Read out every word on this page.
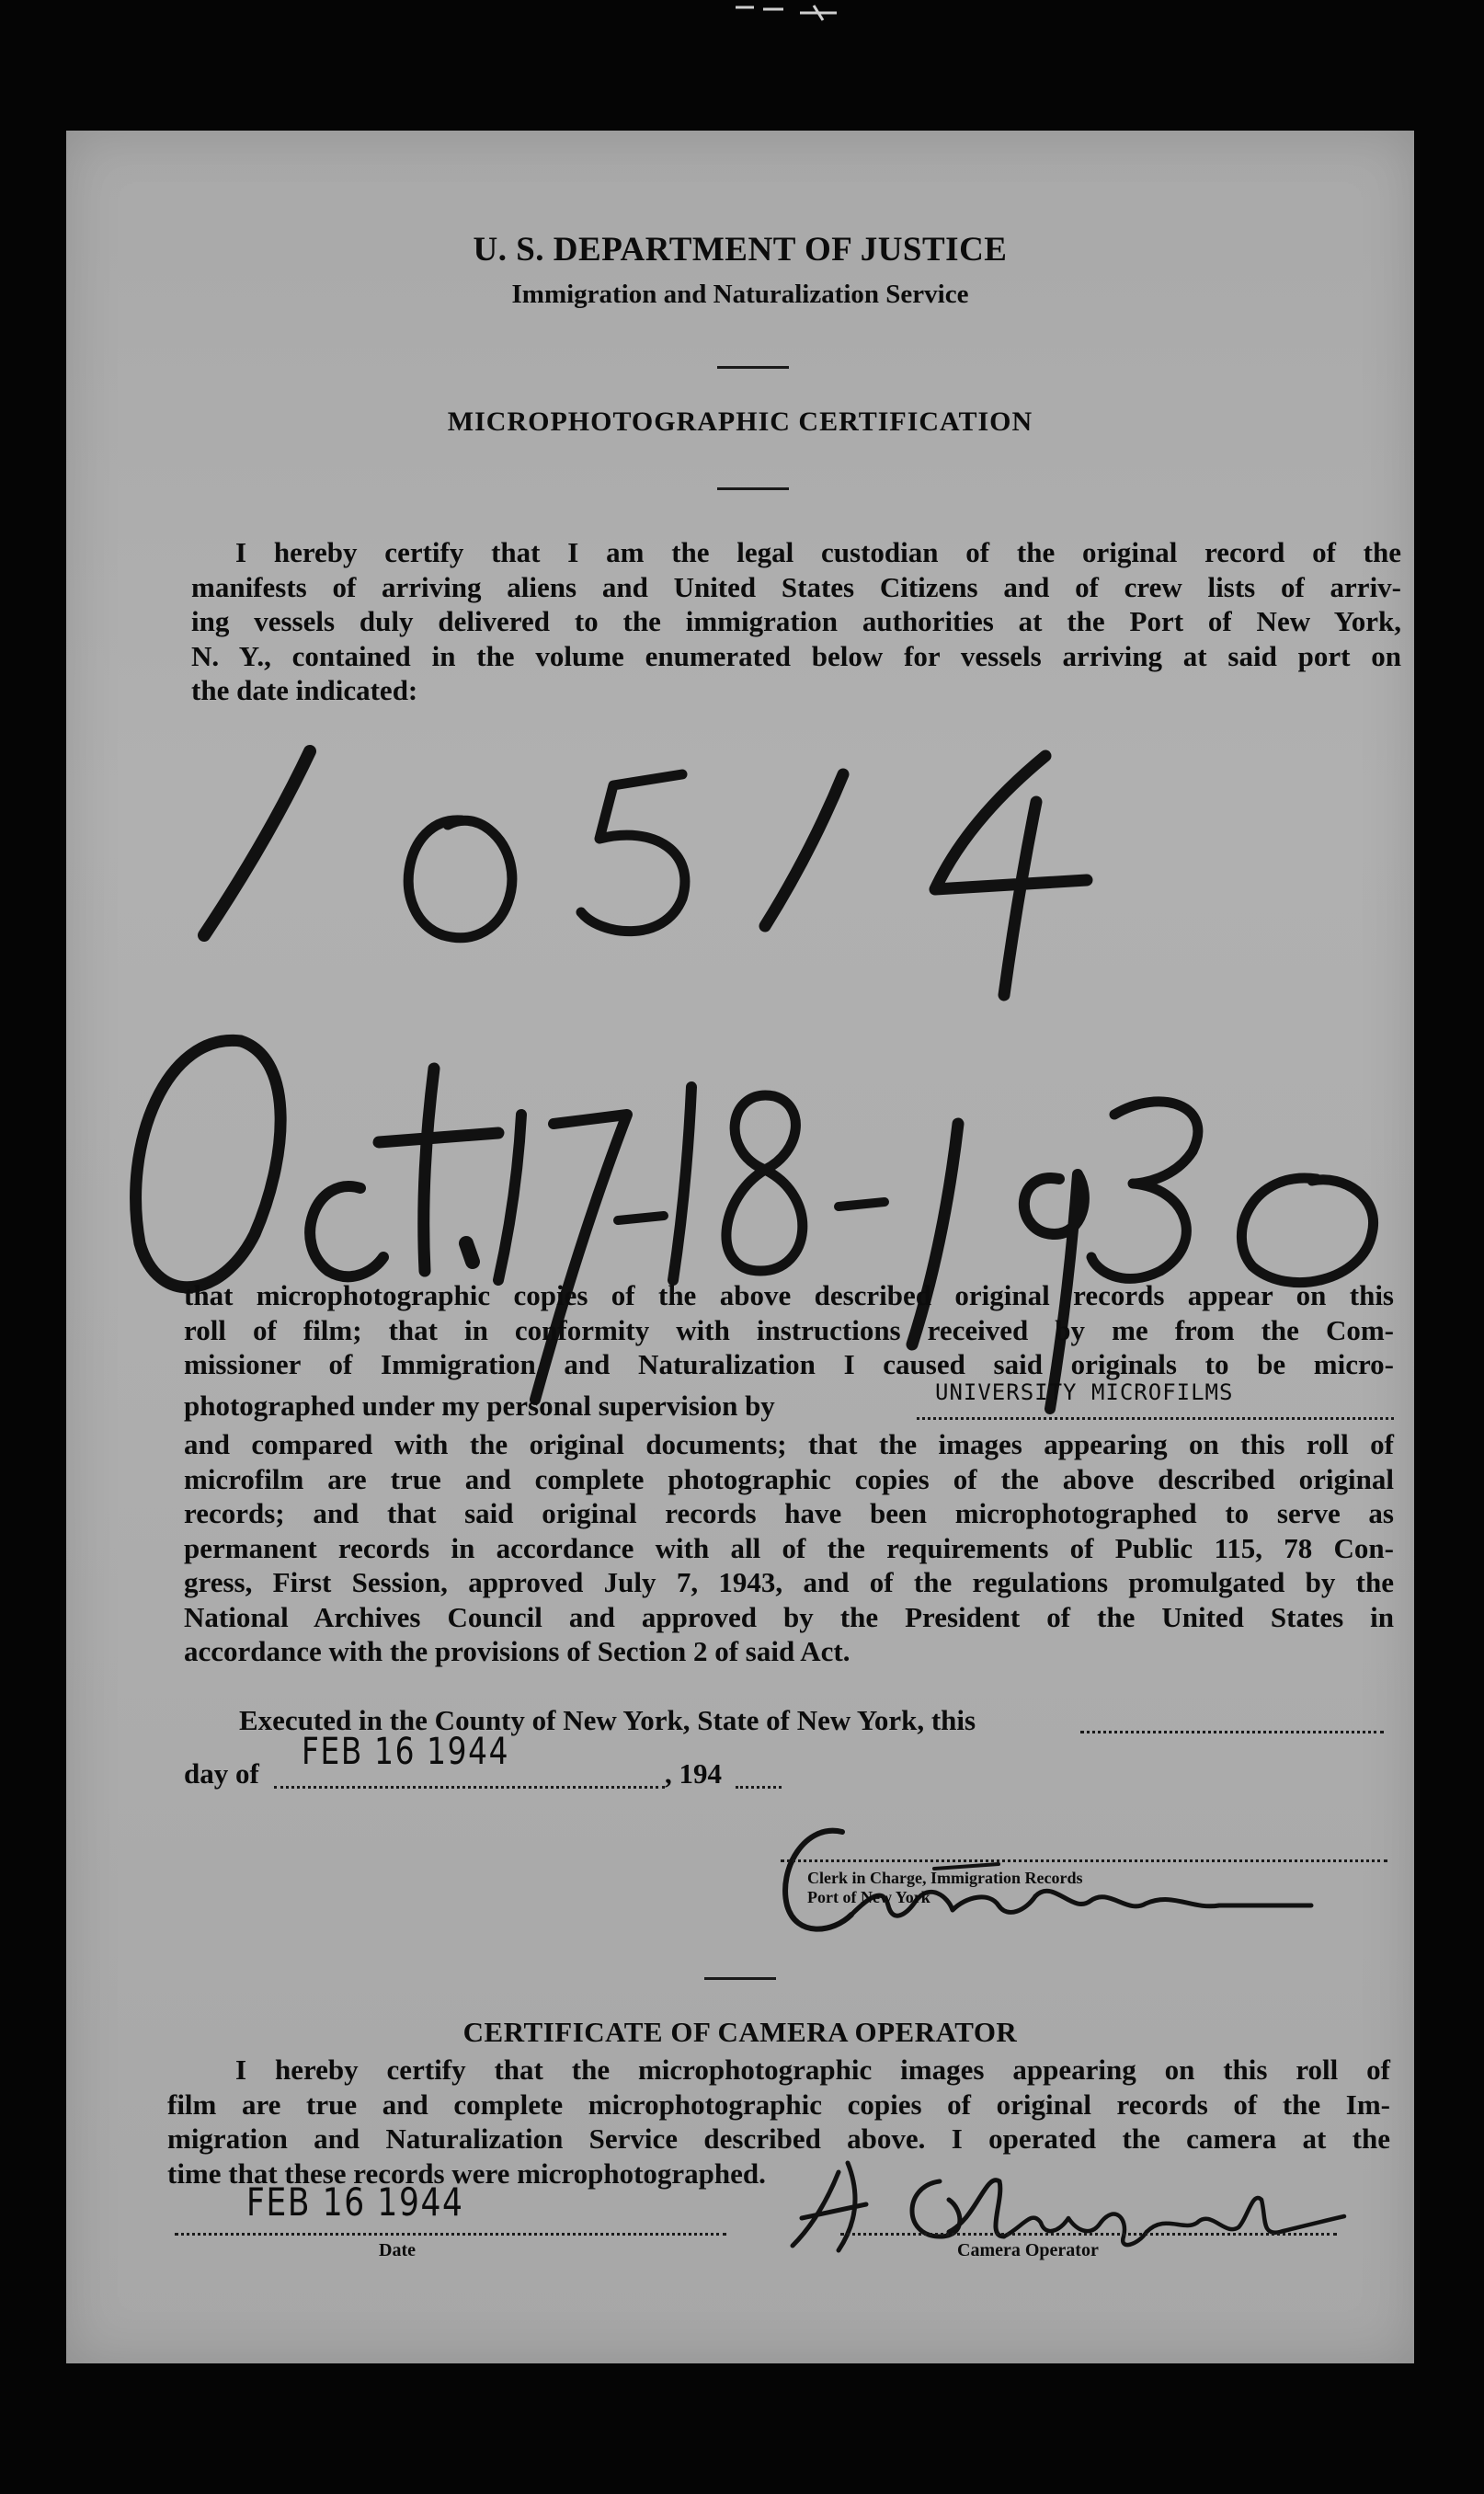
U. S. DEPARTMENT OF JUSTICE
Immigration and Naturalization Service
MICROPHOTOGRAPHIC CERTIFICATION
I hereby certify that I am the legal custodian of the original record of the
manifests of arriving aliens and United States Citizens and of crew lists of arriv-
ing vessels duly delivered to the immigration authorities at the Port of New York,
N. Y., contained in the volume enumerated below for vessels arriving at said port on
the date indicated:
that microphotographic copies of the above described original records appear on this
roll of film; that in conformity with instructions received by me from the Com-
missioner of Immigration and Naturalization I caused said originals to be micro-
photographed under my personal supervision by	UNIVERSITY MICROFILMS
and compared with the original documents; that the images appearing on this roll of
microfilm are true and complete photographic copies of the above described original
records; and that said original records have been microphotographed to serve as
permanent records in accordance with all of the requirements of Public 115, 78 Con-
gress, First Session, approved July 7, 1943, and of the regulations promulgated by the
National Archives Council and approved by the President of the United States in
accordance with the provisions of Section 2 of said Act.
Executed in the County of New York, State of New York, this
day of
FEB 16 1944
, 194
Clerk in Charge, Immigration Records
Port of New York
CERTIFICATE OF CAMERA OPERATOR
I hereby certify that the microphotographic images appearing on this roll of
film are true and complete microphotographic copies of original records of the Im-
migration and Naturalization Service described above. I operated the camera at the
time that these records were microphotographed.
FEB 16 1944
Date	Camera Operator
